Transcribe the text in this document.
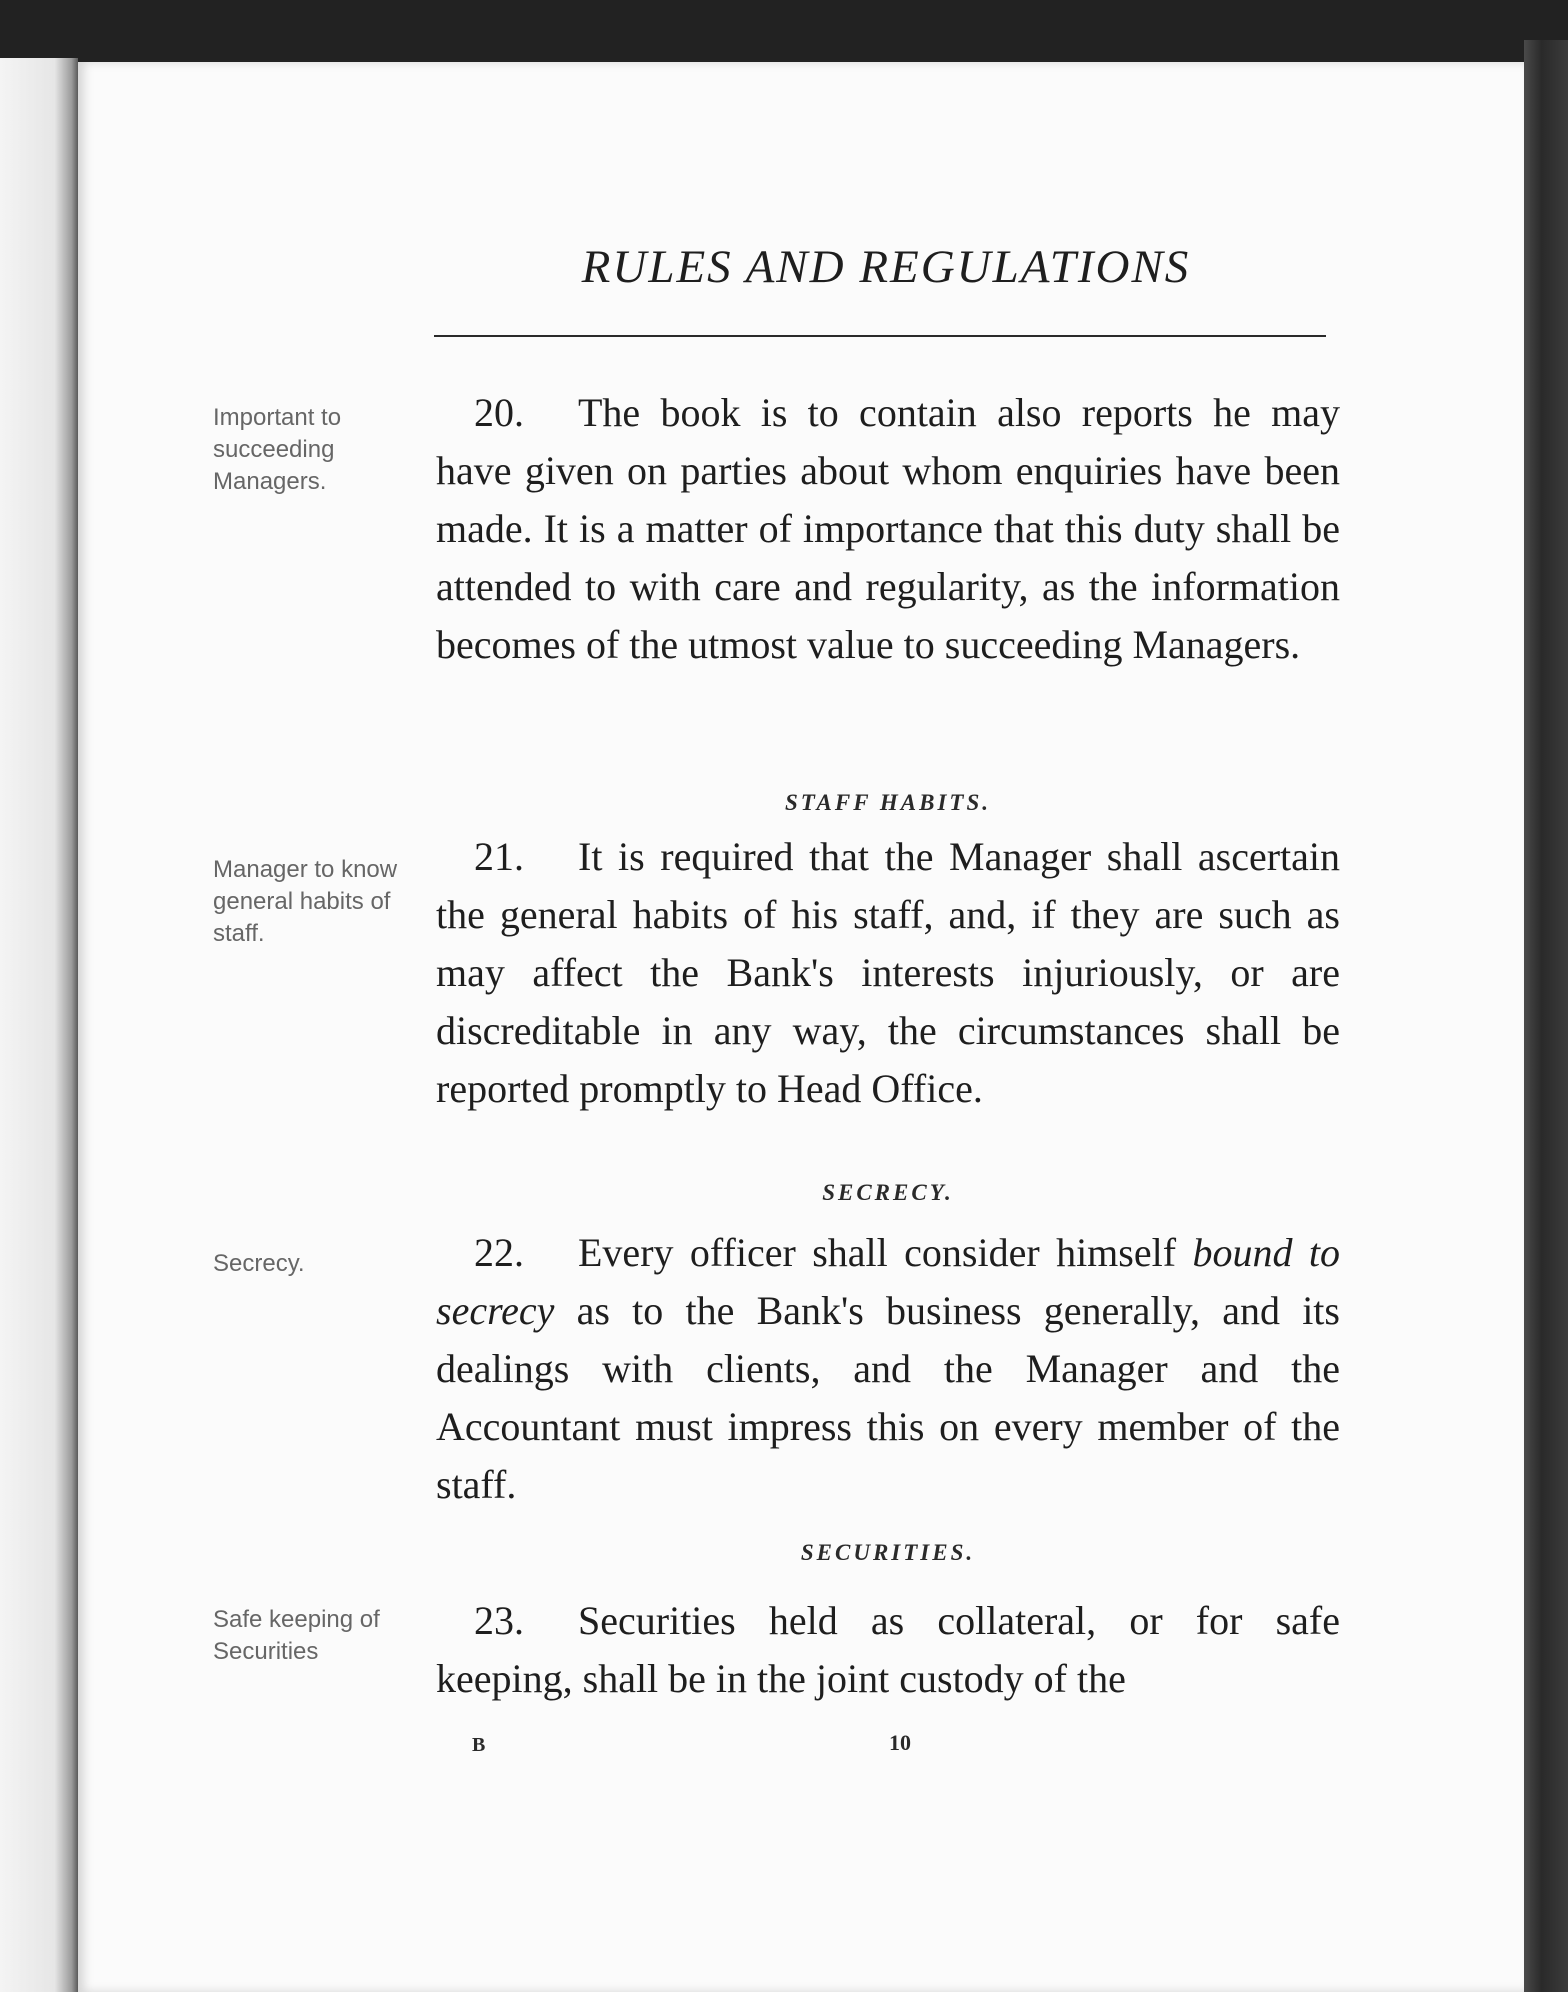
RULES AND REGULATIONS

Important to succeeding Managers.

20. The book is to contain also reports he may have given on parties about whom enquiries have been made. It is a matter of importance that this duty shall be attended to with care and regularity, as the information becomes of the utmost value to succeeding Managers.

STAFF HABITS.

Manager to know general habits of staff.

21. It is required that the Manager shall ascertain the general habits of his staff, and, if they are such as may affect the Bank's interests injuriously, or are discreditable in any way, the circumstances shall be reported promptly to Head Office.

SECRECY.

Secrecy.	22. Every officer shall consider himself bound to secrecy as to the Bank's business generally, and its dealings with clients, and the Manager and the Accountant must impress this on every member of the staff.

SECURITIES.

Safe keeping of Securities

23. Securities held as collateral, or for safe keeping, shall be in the joint custody of the

B	10
